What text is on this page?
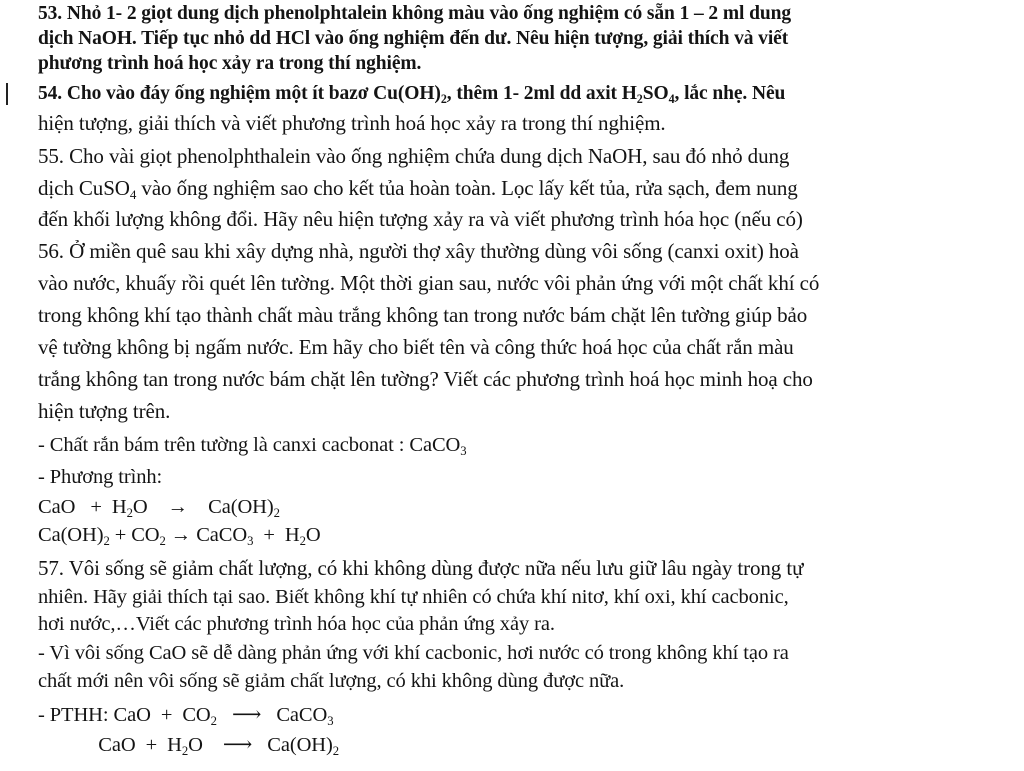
53. Nhỏ 1- 2 giọt dung dịch phenolphtalein không màu vào ống nghiệm có sẵn 1 – 2 ml dung
dịch NaOH. Tiếp tục nhỏ dd HCl vào ống nghiệm đến dư. Nêu hiện tượng, giải thích và viết
phương trình hoá học xảy ra trong thí nghiệm.
54. Cho vào đáy ống nghiệm một ít bazơ $Cu(OH)_2$, thêm 1- 2ml dd axit $H_2SO_4$, lắc nhẹ. Nêu
hiện tượng, giải thích và viết phương trình hoá học xảy ra trong thí nghiệm.
55. Cho vài giọt phenolphthalein vào ống nghiệm chứa dung dịch NaOH, sau đó nhỏ dung
dịch CuSO$_4$ vào ống nghiệm sao cho kết tủa hoàn toàn. Lọc lấy kết tủa, rửa sạch, đem nung
đến khối lượng không đổi. Hãy nêu hiện tượng xảy ra và viết phương trình hóa học (nếu có)
56. Ở miền quê sau khi xây dựng nhà, người thợ xây thường dùng vôi sống (canxi oxit) hoà
vào nước, khuấy rồi quét lên tường. Một thời gian sau, nước vôi phản ứng với một chất khí có
trong không khí tạo thành chất màu trắng không tan trong nước bám chặt lên tường giúp bảo
vệ tường không bị ngấm nước. Em hãy cho biết tên và công thức hoá học của chất rắn màu
trắng không tan trong nước bám chặt lên tường? Viết các phương trình hoá học minh hoạ cho
hiện tượng trên.
- Chất rắn bám trên tường là canxi cacbonat : CaCO$_3$
- Phương trình:
CaO   +  $H_2O$    →    $Ca(OH)_2$
$Ca(OH)_2 + CO_2$ → CaCO$_3$  +  $H_2O$
57. Vôi sống sẽ giảm chất lượng, có khi không dùng được nữa nếu lưu giữ lâu ngày trong tự
nhiên. Hãy giải thích tại sao. Biết không khí tự nhiên có chứa khí nitơ, khí oxi, khí cacbonic,
hơi nước,…Viết các phương trình hóa học của phản ứng xảy ra.
- Vì vôi sống CaO sẽ dễ dàng phản ứng với khí cacbonic, hơi nước có trong không khí tạo ra
chất mới nên vôi sống sẽ giảm chất lượng, có khi không dùng được nữa.
- PTHH: CaO  +  $CO_2$   ⟶   CaCO$_3$
CaO  +  $H_2O$    ⟶   $Ca(OH)_2$
